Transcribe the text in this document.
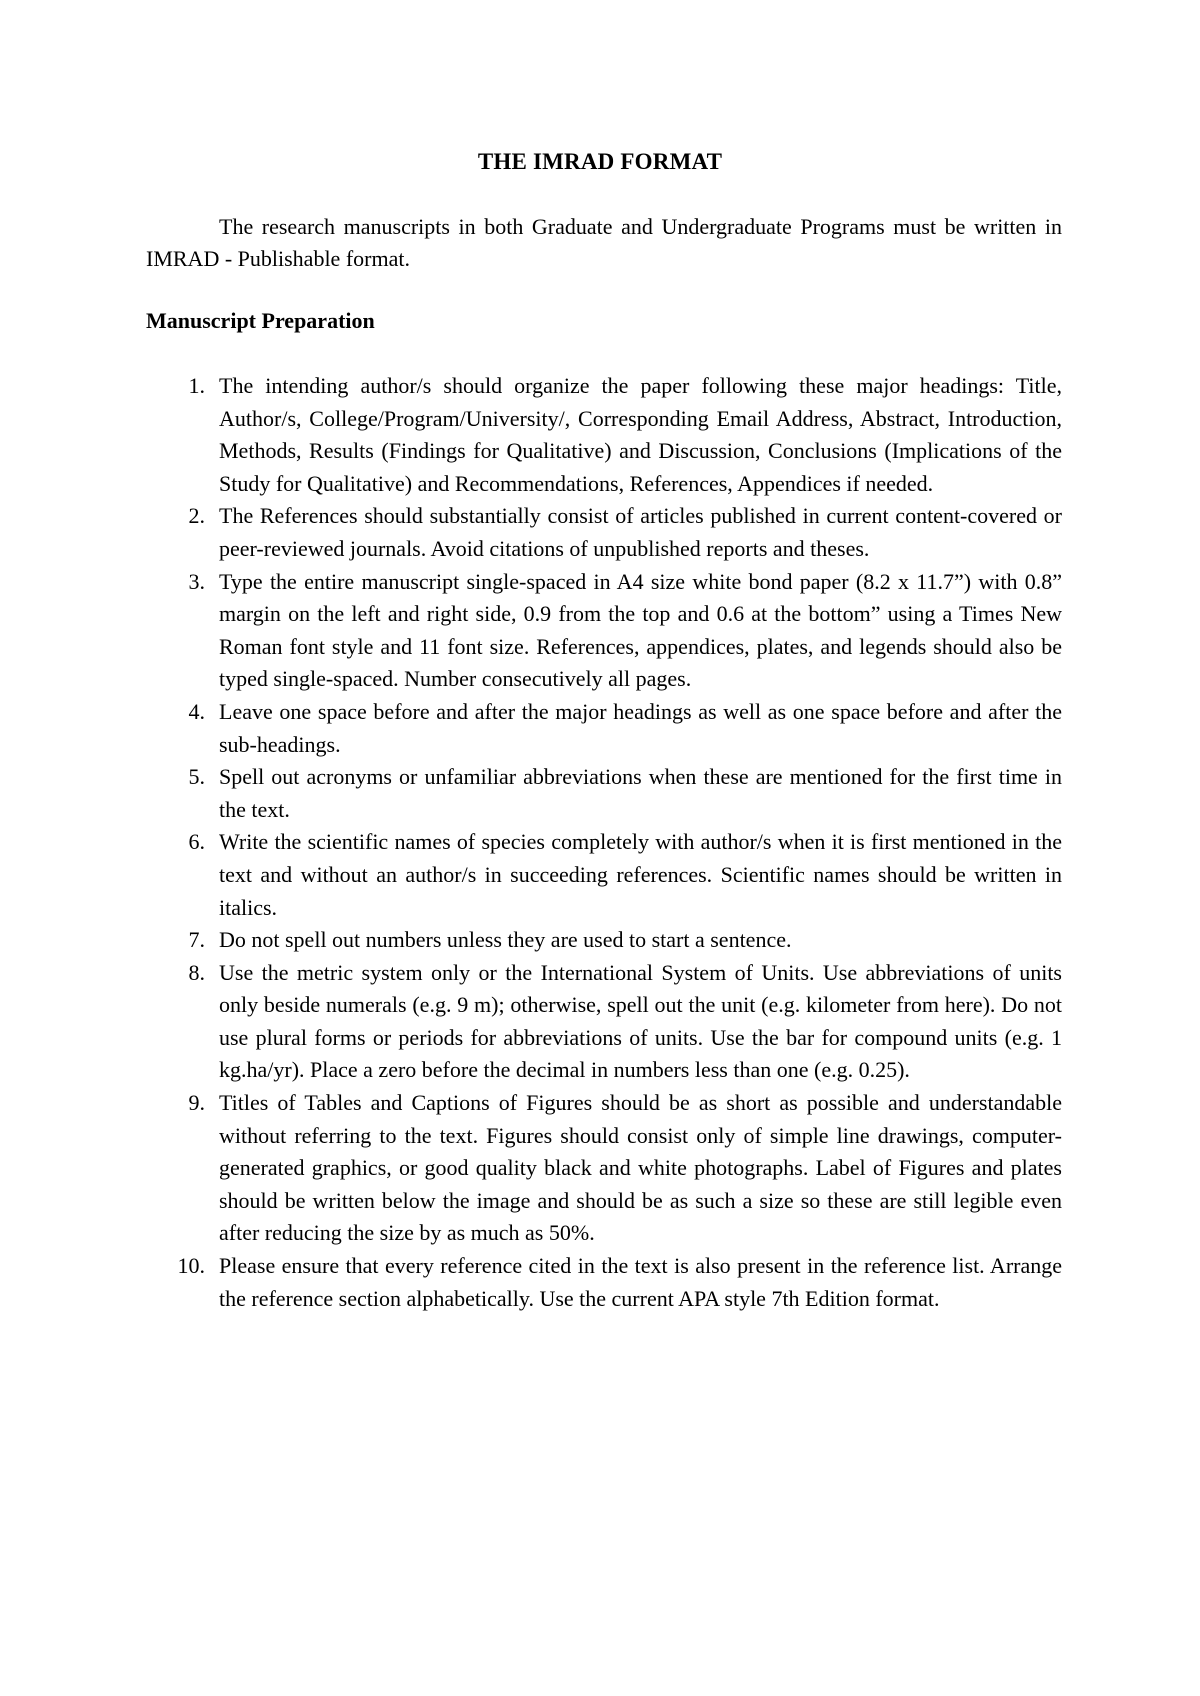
THE IMRAD FORMAT

The research manuscripts in both Graduate and Undergraduate Programs must be written in IMRAD - Publishable format.

Manuscript Preparation
1. The intending author/s should organize the paper following these major headings: Title, Author/s, College/Program/University/, Corresponding Email Address, Abstract, Introduction, Methods, Results (Findings for Qualitative) and Discussion, Conclusions (Implications of the Study for Qualitative) and Recommendations, References, Appendices if needed.
2. The References should substantially consist of articles published in current content-covered or peer-reviewed journals. Avoid citations of unpublished reports and theses.
3. Type the entire manuscript single-spaced in A4 size white bond paper (8.2 x 11.7”) with 0.8” margin on the left and right side, 0.9 from the top and 0.6 at the bottom” using a Times New Roman font style and 11 font size. References, appendices, plates, and legends should also be typed single-spaced. Number consecutively all pages.
4. Leave one space before and after the major headings as well as one space before and after the sub-headings.
5. Spell out acronyms or unfamiliar abbreviations when these are mentioned for the first time in the text.
6. Write the scientific names of species completely with author/s when it is first mentioned in the text and without an author/s in succeeding references. Scientific names should be written in italics.
7. Do not spell out numbers unless they are used to start a sentence.
8. Use the metric system only or the International System of Units. Use abbreviations of units only beside numerals (e.g. 9 m); otherwise, spell out the unit (e.g. kilometer from here). Do not use plural forms or periods for abbreviations of units. Use the bar for compound units (e.g. 1 kg.ha/yr). Place a zero before the decimal in numbers less than one (e.g. 0.25).
9. Titles of Tables and Captions of Figures should be as short as possible and understandable without referring to the text. Figures should consist only of simple line drawings, computer-generated graphics, or good quality black and white photographs. Label of Figures and plates should be written below the image and should be as such a size so these are still legible even after reducing the size by as much as 50%.
10. Please ensure that every reference cited in the text is also present in the reference list. Arrange the reference section alphabetically. Use the current APA style 7th Edition format.
